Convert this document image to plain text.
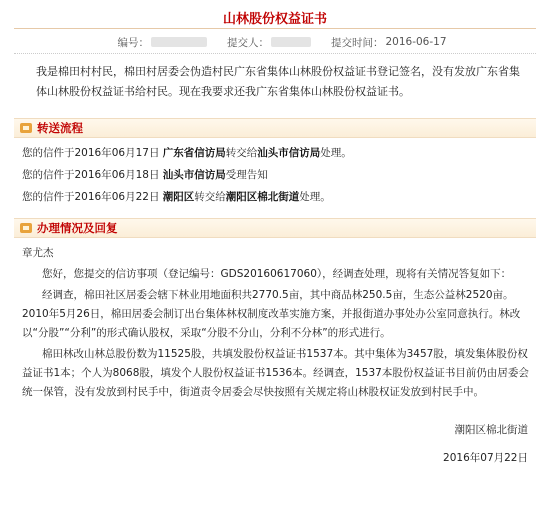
山林股份权益证书
编号：	提交人：	提交时间： 2016-06-17
我是棉田村村民，棉田村居委会伪造村民广东省集体山林股份权益证书登记签名，没有发放广东省集体山林股份权益证书给村民。现在我要求还我广东省集体山林股份权益证书。
转送流程
您的信件于2016年06月17日 广东省信访局转交给汕头市信访局处理。
您的信件于2016年06月18日 汕头市信访局受理告知
您的信件于2016年06月22日 潮阳区转交给潮阳区棉北街道处理。
办理情况及回复
章尤杰
您好，您提交的信访事项（登记编号：GDS20160617060），经调查处理，现将有关情况答复如下：
经调查，棉田社区居委会辖下林业用地面积共2770.5亩，其中商品林250.5亩，生态公益林2520亩。2010年5月26日，棉田居委会制订出台集体林权制度改革实施方案，并报街道办事处办公室同意执行。林改以“分股”“分利”的形式确认股权，采取“分股不分山，分利不分林”的形式进行。
棉田林改山林总股份数为11525股，共填发股份权益证书1537本。其中集体为3457股，填发集体股份权益证书1本；个人为8068股，填发个人股份权益证书1536本。经调查，1537本股份权益证书目前仍由居委会统一保管，没有发放到村民手中，街道责令居委会尽快按照有关规定将山林股权证发放到村民手中。
潮阳区棉北街道
2016年07月22日
